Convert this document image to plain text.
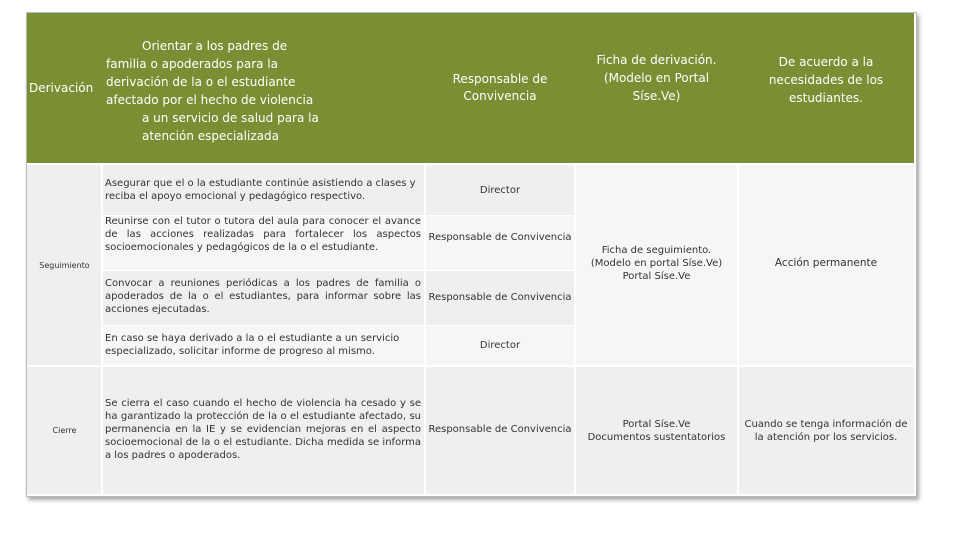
Derivación
Orientar a los padres de
familia o apoderados para la
derivación de la o el estudiante
afectado por el hecho de violencia
a un servicio de salud para la
atención especializada
Responsable de Convivencia
Ficha de derivación. (Modelo en Portal Síse.Ve)
De acuerdo a la necesidades de los estudiantes.
Seguimiento
Asegurar que el o la estudiante continúe asistiendo a clases y reciba el apoyo emocional y pedagógico respectivo.
Director
Reunirse con el tutor o tutora del aula para conocer el avance de las acciones realizadas para fortalecer los aspectos socioemocionales y pedagógicos de la o el estudiante.
Responsable de Convivencia
Convocar a reuniones periódicas a los padres de familia o apoderados de la o el estudiantes, para informar sobre las acciones ejecutadas.
Responsable de Convivencia
En caso se haya derivado a la o el estudiante a un servicio especializado, solicitar informe de progreso al mismo.
Director
Ficha de seguimiento. (Modelo en portal Síse.Ve) Portal Síse.Ve
Acción permanente
Cierre
Se cierra el caso cuando el hecho de violencia ha cesado y se ha garantizado la protección de la o el estudiante afectado, su permanencia en la IE y se evidencian mejoras en el aspecto socioemocional de la o el estudiante. Dicha medida se informa a los padres o apoderados.
Responsable de Convivencia	Portal Síse.Ve
Documentos sustentatorios
Cuando se tenga información de la atención por los servicios.
